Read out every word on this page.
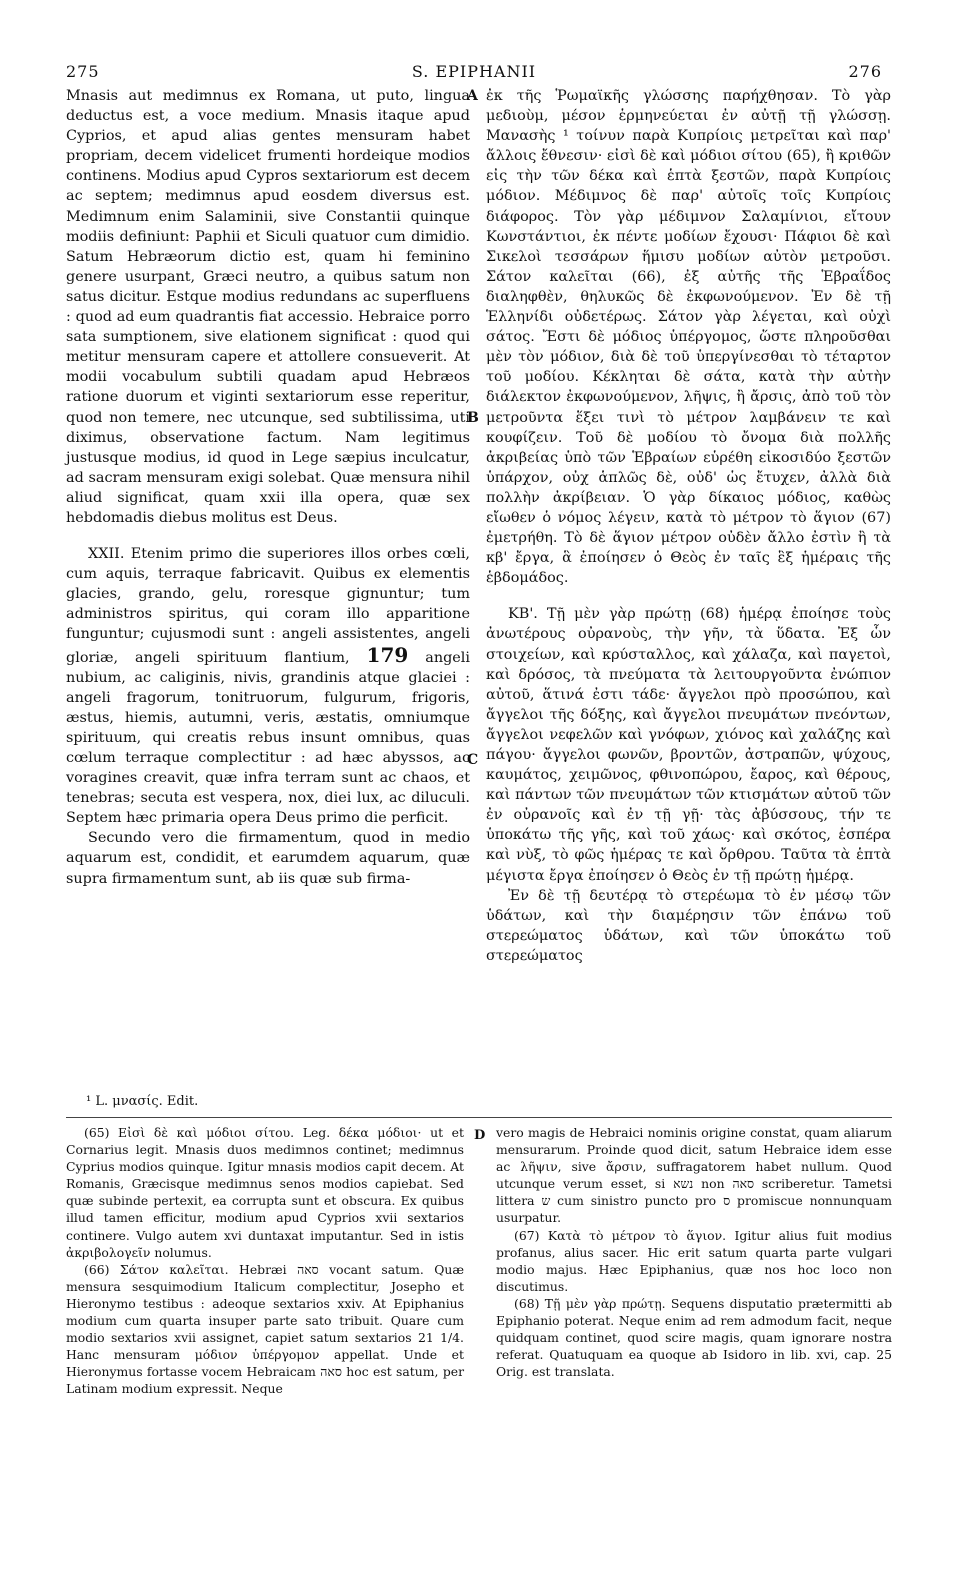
275	S. EPIPHANII	276
A
B
C
D

Mnasis aut medimnus ex Romana, ut puto, lingua deductus est, a voce medium. Mnasis itaque apud Cyprios, et apud alias gentes mensuram habet propriam, decem videlicet frumenti hordeique modios continens. Modius apud Cypros sextariorum est decem ac septem; medimnus apud eosdem diversus est. Medimnum enim Salaminii, sive Constantii quinque modiis definiunt: Paphii et Siculi quatuor cum dimidio. Satum Hebræorum dictio est, quam hi feminino genere usurpant, Græci neutro, a quibus satum non satus dicitur. Estque modius redundans ac superfluens : quod ad eum quadrantis fiat accessio. Hebraice porro sata sumptionem, sive elationem significat : quod qui metitur mensuram capere et attollere consueverit. At modii vocabulum subtili quadam apud Hebræos ratione duorum et viginti sextariorum esse reperitur, quod non temere, nec utcunque, sed subtilissima, uti diximus, observatione factum. Nam legitimus justusque modius, id quod in Lege sæpius inculcatur, ad sacram mensuram exigi solebat. Quæ mensura nihil aliud significat, quam xxii illa opera, quæ sex hebdomadis diebus molitus est Deus.

XXII. Etenim primo die superiores illos orbes cœli, cum aquis, terraque fabricavit. Quibus ex elementis glacies, grando, gelu, roresque gignuntur; tum administros spiritus, qui coram illo apparitione funguntur; cujusmodi sunt : angeli assistentes, angeli gloriæ, angeli spirituum flantium, 179 angeli nubium, ac caliginis, nivis, grandinis atque glaciei : angeli fragorum, tonitruorum, fulgurum, frigoris, æstus, hiemis, autumni, veris, æstatis, omniumque spirituum, qui creatis rebus insunt omnibus, quas cœlum terraque complectitur : ad hæc abyssos, ac voragines creavit, quæ infra terram sunt ac chaos, et tenebras; secuta est vespera, nox, diei lux, ac diluculi. Septem hæc primaria opera Deus primo die perficit.

Secundo vero die firmamentum, quod in medio aquarum est, condidit, et earumdem aquarum, quæ supra firmamentum sunt, ab iis quæ sub firma-

ἐκ τῆς Ῥωμαϊκῆς γλώσσης παρήχθησαν. Τὸ γὰρ μεδιοὺμ, μέσον ἑρμηνεύεται ἐν αὐτῇ τῇ γλώσσῃ. Μανασὴς ¹ τοίνυν παρὰ Κυπρίοις μετρεῖται καὶ παρ' ἄλλοις ἔθνεσιν· εἰσὶ δὲ καὶ μόδιοι σίτου (65), ἢ κριθῶν εἰς τὴν τῶν δέκα καὶ ἑπτὰ ξεστῶν, παρὰ Κυπρίοις μόδιον. Μέδιμνος δὲ παρ' αὐτοῖς τοῖς Κυπρίοις διάφορος. Τὸν γὰρ μέδιμνον Σαλαμίνιοι, εἴτουν Κωνστάντιοι, ἐκ πέντε μοδίων ἔχουσι· Πάφιοι δὲ καὶ Σικελοὶ τεσσάρων ἥμισυ μοδίων αὐτὸν μετροῦσι. Σάτον καλεῖται (66), ἐξ αὐτῆς τῆς Ἑβραΐδος διαληφθὲν, θηλυκῶς δὲ ἐκφωνούμενον. Ἐν δὲ τῇ Ἑλληνίδι οὐδετέρως. Σάτον γὰρ λέγεται, καὶ οὐχὶ σάτος. Ἔστι δὲ μόδιος ὑπέργομος, ὥστε πληροῦσθαι μὲν τὸν μόδιον, διὰ δὲ τοῦ ὑπεργίνεσθαι τὸ τέταρτον τοῦ μοδίου. Κέκληται δὲ σάτα, κατὰ τὴν αὐτὴν διάλεκτον ἐκφωνούμενον, λῆψις, ἢ ἄρσις, ἀπὸ τοῦ τὸν μετροῦντα ἕξει τινὶ τὸ μέτρον λαμβάνειν τε καὶ κουφίζειν. Τοῦ δὲ μοδίου τὸ ὄνομα διὰ πολλῆς ἀκριβείας ὑπὸ τῶν Ἑβραίων εὑρέθη εἰκοσιδύο ξεστῶν ὑπάρχον, οὐχ ἁπλῶς δὲ, οὐδ' ὡς ἔτυχεν, ἀλλὰ διὰ πολλὴν ἀκρίβειαν. Ὁ γὰρ δίκαιος μόδιος, καθὼς εἴωθεν ὁ νόμος λέγειν, κατὰ τὸ μέτρον τὸ ἅγιον (67) ἐμετρήθη. Τὸ δὲ ἅγιον μέτρον οὐδὲν ἄλλο ἐστὶν ἢ τὰ κβ' ἔργα, ἃ ἐποίησεν ὁ Θεὸς ἐν ταῖς ἓξ ἡμέραις τῆς ἑβδομάδος.

ΚΒ'. Τῇ μὲν γὰρ πρώτῃ (68) ἡμέρᾳ ἐποίησε τοὺς ἀνωτέρους οὐρανοὺς, τὴν γῆν, τὰ ὕδατα. Ἐξ ὧν στοιχείων, καὶ κρύσταλλος, καὶ χάλαζα, καὶ παγετοὶ, καὶ δρόσος, τὰ πνεύματα τὰ λειτουργοῦντα ἐνώπιον αὐτοῦ, ἅτινά ἐστι τάδε· ἄγγελοι πρὸ προσώπου, καὶ ἄγγελοι τῆς δόξης, καὶ ἄγγελοι πνευμάτων πνεόντων, ἄγγελοι νεφελῶν καὶ γνόφων, χιόνος καὶ χαλάζης καὶ πάγου· ἄγγελοι φωνῶν, βροντῶν, ἀστραπῶν, ψύχους, καυμάτος, χειμῶνος, φθινοπώρου, ἔαρος, καὶ θέρους, καὶ πάντων τῶν πνευμάτων τῶν κτισμάτων αὐτοῦ τῶν ἐν οὐρανοῖς καὶ ἐν τῇ γῇ· τὰς ἀβύσσους, τήν τε ὑποκάτω τῆς γῆς, καὶ τοῦ χάως· καὶ σκότος, ἑσπέρα καὶ νὺξ, τὸ φῶς ἡμέρας τε καὶ ὄρθρου. Ταῦτα τὰ ἑπτὰ μέγιστα ἔργα ἐποίησεν ὁ Θεὸς ἐν τῇ πρώτῃ ἡμέρᾳ.

Ἐν δὲ τῇ δευτέρᾳ τὸ στερέωμα τὸ ἐν μέσῳ τῶν ὑδάτων, καὶ τὴν διαμέρησιν τῶν ἐπάνω τοῦ στερεώματος ὑδάτων, καὶ τῶν ὑποκάτω τοῦ στερεώματος

¹ L. μνασίς. Edit.

(65) Εἰσὶ δὲ καὶ μόδιοι σίτου. Leg. δέκα μόδιοι· ut et Cornarius legit. Mnasis duos medimnos continet; medimnus Cyprius modios quinque. Igitur mnasis modios capit decem. At Romanis, Græcisque medimnus senos modios capiebat. Sed quæ subinde pertexit, ea corrupta sunt et obscura. Ex quibus illud tamen efficitur, modium apud Cyprios xvii sextarios continere. Vulgo autem xvi duntaxat imputantur. Sed in istis ἀκριβολογεῖν nolumus.

(66) Σάτον καλεῖται. Hebræi סאה vocant satum. Quæ mensura sesquimodium Italicum complectitur, Josepho et Hieronymo testibus : adeoque sextarios xxiv. At Epiphanius modium cum quarta insuper parte sato tribuit. Quare cum modio sextarios xvii assignet, capiet satum sextarios 21 1/4. Hanc mensuram μόδιον ὑπέργομον appellat. Unde et Hieronymus fortasse vocem Hebraicam סאה hoc est satum, per Latinam modium expressit. Neque

vero magis de Hebraici nominis origine constat, quam aliarum mensurarum. Proinde quod dicit, satum Hebraice idem esse ac λῆψιν, sive ἄρσιν, suffragatorem habet nullum. Quod utcunque verum esset, si נשא non סאה scriberetur. Tametsi littera ש cum sinistro puncto pro ס promiscue nonnunquam usurpatur.

(67) Κατὰ τὸ μέτρον τὸ ἅγιον. Igitur alius fuit modius profanus, alius sacer. Hic erit satum quarta parte vulgari modio majus. Hæc Epiphanius, quæ nos hoc loco non discutimus.

(68) Τῇ μὲν γὰρ πρώτῃ. Sequens disputatio prætermitti ab Epiphanio poterat. Neque enim ad rem admodum facit, neque quidquam continet, quod scire magis, quam ignorare nostra referat. Quatuquam ea quoque ab Isidoro in lib. xvi, cap. 25 Orig. est translata.
